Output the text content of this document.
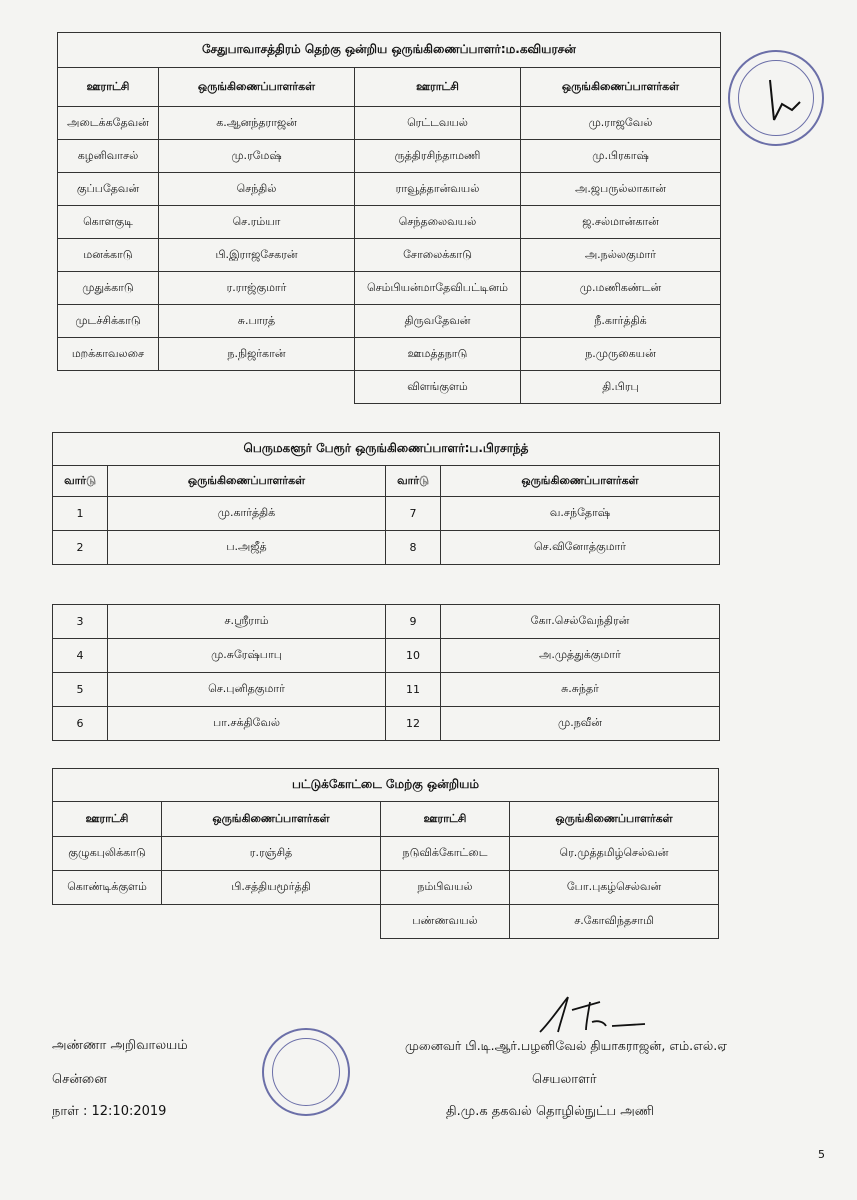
சேதுபாவாசத்திரம் தெற்கு ஒன்றிய ஒருங்கிணைப்பாளர்:ம.கவியரசன்			
ஊராட்சி	ஒருங்கிணைப்பாளர்கள்	ஊராட்சி	ஒருங்கிணைப்பாளர்கள்
அடைக்கதேவன்	க.ஆனந்தராஜன்	ரெட்டவயல்	மு.ராஜவேல்
கழனிவாசல்	மு.ரமேஷ்	ருத்திரசிந்தாமணி	மு.பிரகாஷ்
குப்பதேவன்	செந்தில்	ராவூத்தான்வயல்	அ.ஜபருல்லாகான்
கொளகுடி	செ.ரம்யா	செந்தலைவயல்	ஜ.சல்மான்கான்
மனக்காடு	பி.இராஜசேகரன்	சோலைக்காடு	அ.நல்லகுமார்
முதுக்காடு	ர.ராஜ்குமார்	செம்பியன்மாதேவிபட்டினம்	மு.மணிகண்டன்
முடச்சிக்காடு	சு.பாரத்	திருவதேவன்	நீ.கார்த்திக்
மறக்காவலசை	ந.நிஜர்கான்	ஊமத்தநாடு	ந.முருகையன்
		விளங்குளம்	தி.பிரபு
பெருமகளூர் பேரூர் ஒருங்கிணைப்பாளர்:ப.பிரசாந்த்			
வார்டு	ஒருங்கிணைப்பாளர்கள்	வார்டு	ஒருங்கிணைப்பாளர்கள்
1	மு.கார்த்திக்	7	வ.சந்தோஷ்
2	ப.அஜீத்	8	செ.வினோத்குமார்
3	ச.ஸ்ரீராம்	9	கோ.செல்வேந்திரன்
4	மு.சுரேஷ்பாபு	10	அ.முத்துக்குமார்
5	செ.புனிதகுமார்	11	சு.சுந்தர்
6	பா.சக்திவேல்	12	மு.நவீன்
பட்டுக்கோட்டை மேற்கு ஒன்றியம்			
ஊராட்சி	ஒருங்கிணைப்பாளர்கள்	ஊராட்சி	ஒருங்கிணைப்பாளர்கள்
குழுகபுலிக்காடு	ர.ரஞ்சித்	நடுவிக்கோட்டை	ரெ.முத்தமிழ்செல்வன்
கொண்டிக்குளம்	பி.சத்தியமூர்த்தி	நம்பிவயல்	போ.புகழ்செல்வன்
		பண்ணவயல்	ச.கோவிந்தசாமி
அண்ணா அறிவாலயம்
சென்னை
நாள் : 12:10:2019
முனைவர் பி.டி.ஆர்.பழனிவேல் தியாகராஜன், எம்.எல்.ஏ
செயலாளர்
தி.மு.க தகவல் தொழில்நுட்ப அணி
5
